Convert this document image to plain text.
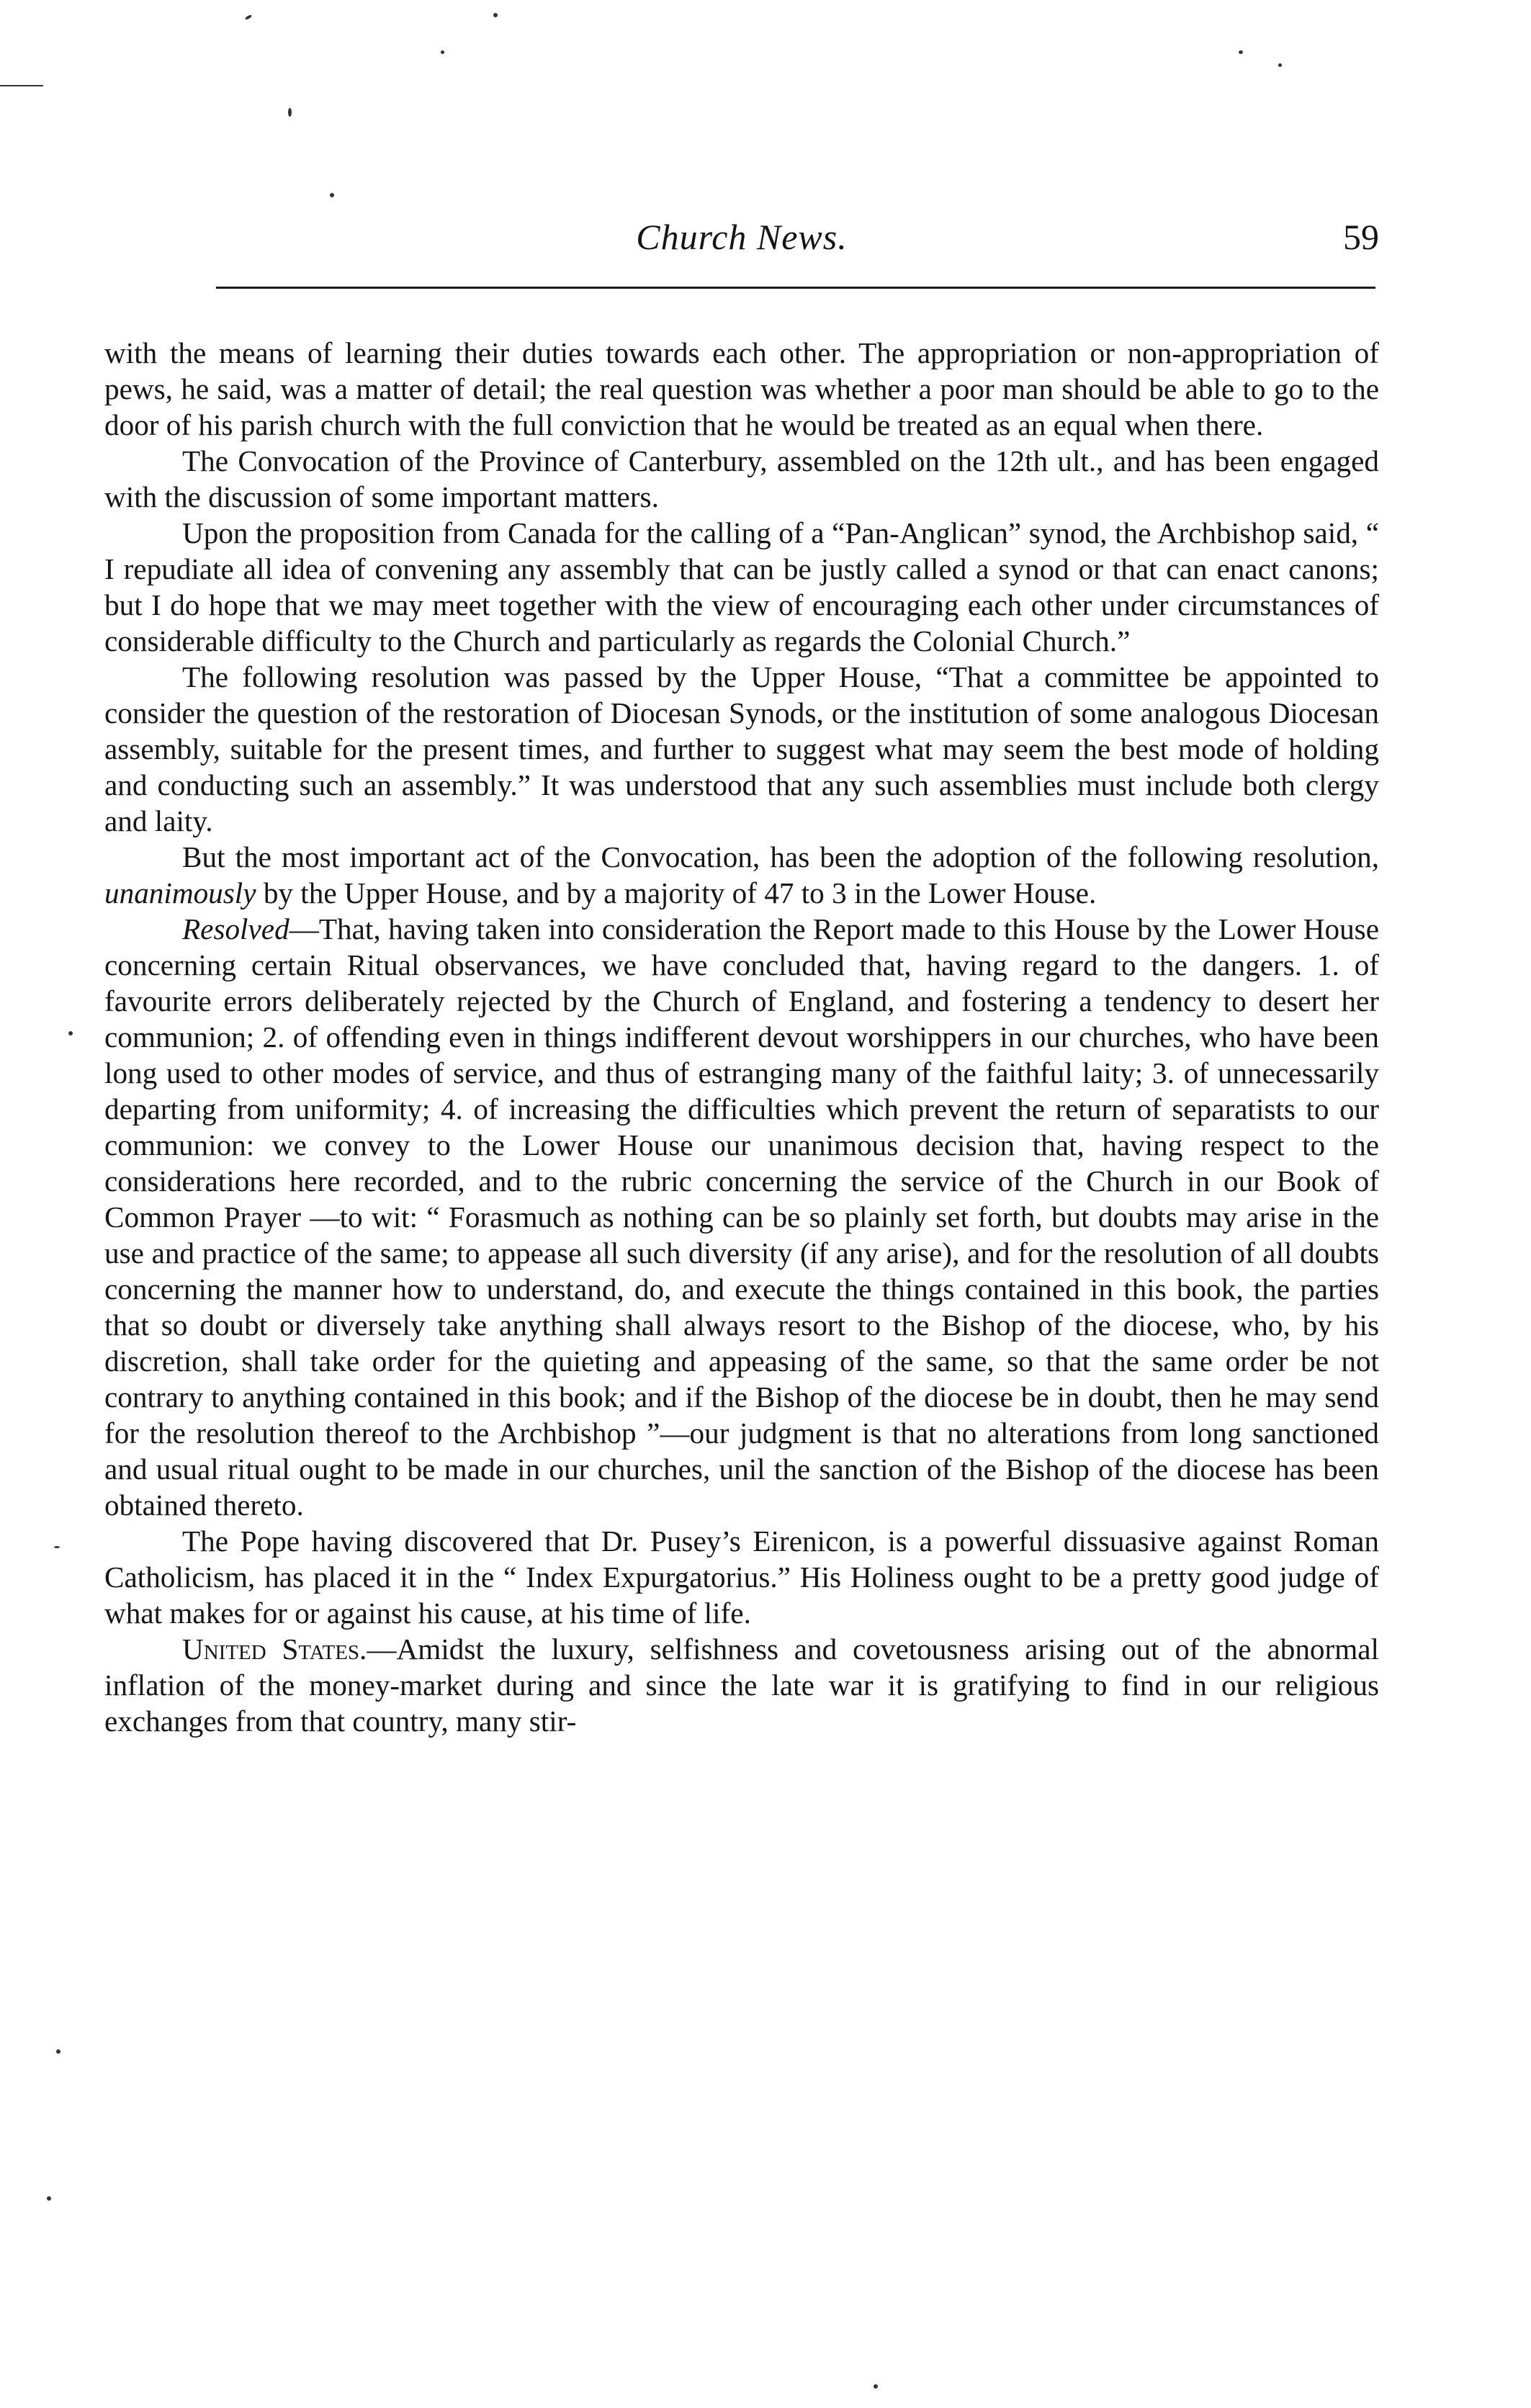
Church News.	59

with the means of learning their duties towards each other. The appropriation or non-appropriation of pews, he said, was a matter of detail; the real question was whether a poor man should be able to go to the door of his parish church with the full conviction that he would be treated as an equal when there.

The Convocation of the Province of Canterbury, assembled on the 12th ult., and has been engaged with the discussion of some important matters.

Upon the proposition from Canada for the calling of a “Pan-Anglican” synod, the Archbishop said, “ I repudiate all idea of convening any assembly that can be justly called a synod or that can enact canons; but I do hope that we may meet together with the view of encouraging each other under circumstances of considerable difficulty to the Church and particularly as regards the Colonial Church.”

The following resolution was passed by the Upper House, “That a committee be appointed to consider the question of the restoration of Diocesan Synods, or the institution of some analogous Diocesan assembly, suitable for the present times, and further to suggest what may seem the best mode of holding and conducting such an assembly.” It was understood that any such assemblies must include both clergy and laity.

But the most important act of the Convocation, has been the adoption of the following resolution, unanimously by the Upper House, and by a majority of 47 to 3 in the Lower House.

Resolved—That, having taken into consideration the Report made to this House by the Lower House concerning certain Ritual observances, we have concluded that, having regard to the dangers. 1. of favourite errors deliberately rejected by the Church of England, and fostering a tendency to desert her communion; 2. of offending even in things indifferent devout worshippers in our churches, who have been long used to other modes of service, and thus of estranging many of the faithful laity; 3. of unnecessarily departing from uniformity; 4. of increasing the difficulties which prevent the return of separatists to our communion: we convey to the Lower House our unanimous decision that, having respect to the considerations here recorded, and to the rubric concerning the service of the Church in our Book of Common Prayer —to wit: “ Forasmuch as nothing can be so plainly set forth, but doubts may arise in the use and practice of the same; to appease all such diversity (if any arise), and for the resolution of all doubts concerning the manner how to understand, do, and execute the things contained in this book, the parties that so doubt or diversely take anything shall always resort to the Bishop of the diocese, who, by his discretion, shall take order for the quieting and appeasing of the same, so that the same order be not contrary to anything contained in this book; and if the Bishop of the diocese be in doubt, then he may send for the resolution thereof to the Archbishop ”—our judgment is that no alterations from long sanctioned and usual ritual ought to be made in our churches, unil the sanction of the Bishop of the diocese has been obtained thereto.

The Pope having discovered that Dr. Pusey’s Eirenicon, is a powerful dissuasive against Roman Catholicism, has placed it in the “ Index Expurgatorius.” His Holiness ought to be a pretty good judge of what makes for or against his cause, at his time of life.

United States.—Amidst the luxury, selfishness and covetousness arising out of the abnormal inflation of the money-market during and since the late war it is gratifying to find in our religious exchanges from that country, many stir-
